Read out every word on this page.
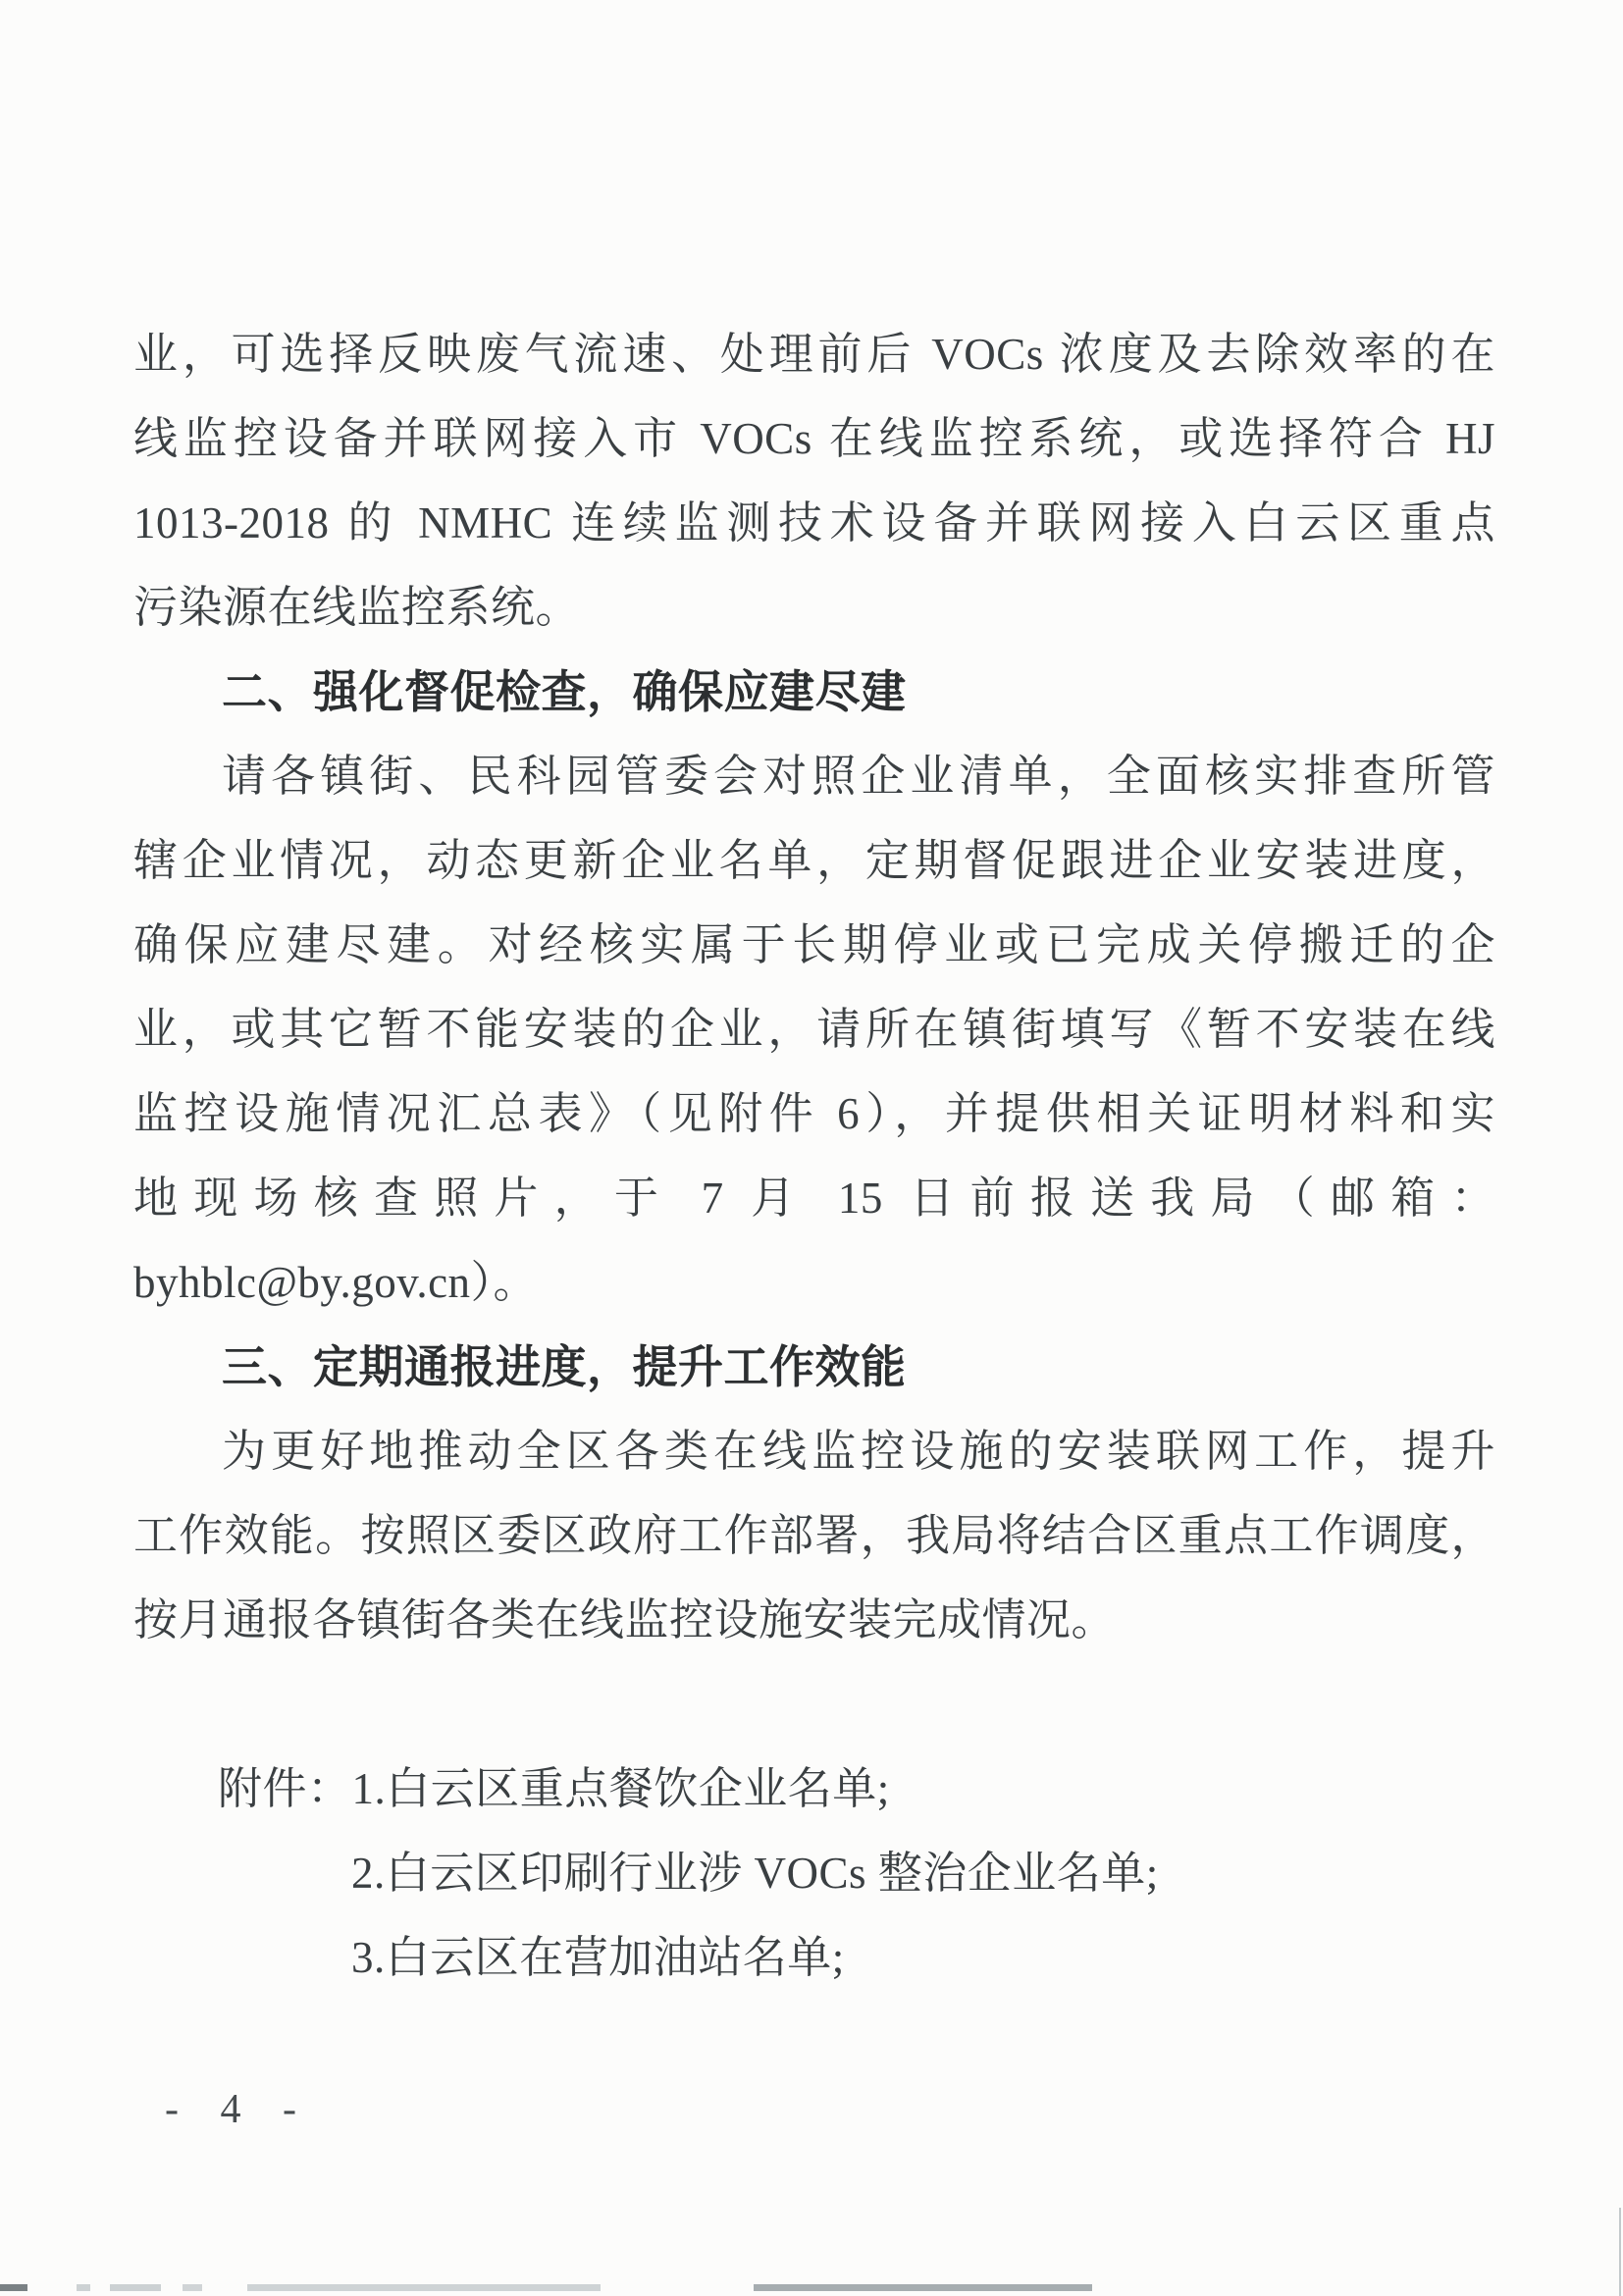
业，可选择反映废气流速、处理前后 VOCs 浓度及去除效率的在
线监控设备并联网接入市 VOCs 在线监控系统，或选择符合 HJ
1013-2018 的 NMHC 连续监测技术设备并联网接入白云区重点
污染源在线监控系统。
二、强化督促检查，确保应建尽建
请各镇街、民科园管委会对照企业清单，全面核实排查所管
辖企业情况，动态更新企业名单，定期督促跟进企业安装进度，
确保应建尽建。对经核实属于长期停业或已完成关停搬迁的企
业，或其它暂不能安装的企业，请所在镇街填写《暂不安装在线
监控设施情况汇总表》（见附件 6），并提供相关证明材料和实
地现场核查照片，于 7 月 15 日前报送我局（邮箱：
byhblc@by.gov.cn）。
三、定期通报进度，提升工作效能
为更好地推动全区各类在线监控设施的安装联网工作，提升
工作效能。按照区委区政府工作部署，我局将结合区重点工作调度，
按月通报各镇街各类在线监控设施安装完成情况。
附件：1.白云区重点餐饮企业名单;
2.白云区印刷行业涉 VOCs 整治企业名单;
3.白云区在营加油站名单;
- 4 -
